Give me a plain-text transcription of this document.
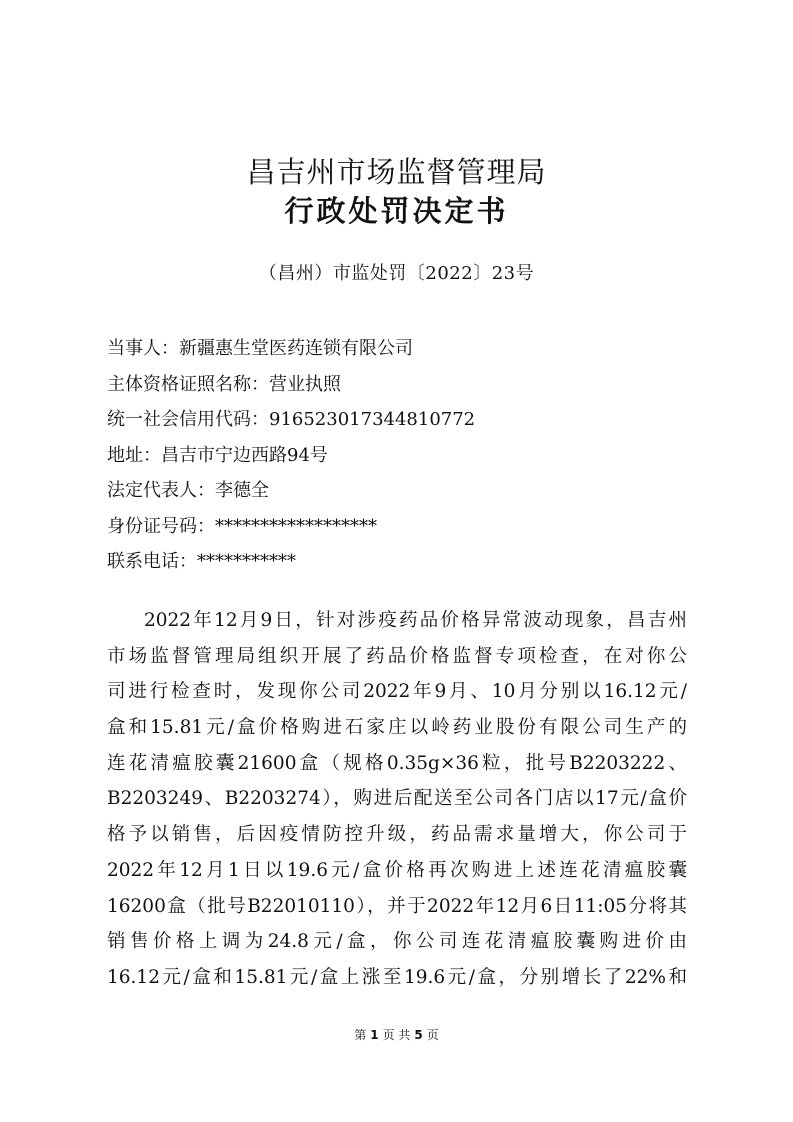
昌吉州市场监督管理局
行政处罚决定书
（昌州）市监处罚〔2022〕23号
当事人：新疆惠生堂医药连锁有限公司
主体资格证照名称：营业执照
统一社会信用代码：916523017344810772
地址：昌吉市宁边西路94号
法定代表人：李德全
身份证号码：******************
联系电话：***********
2022年12月9日，针对涉疫药品价格异常波动现象，昌吉州
市场监督管理局组织开展了药品价格监督专项检查，在对你公
司进行检查时，发现你公司2022年9月、10月分别以16.12元/
盒和15.81元/盒价格购进石家庄以岭药业股份有限公司生产的
连花清瘟胶囊21600盒（规格0.35g×36粒，批号B2203222、
B2203249、B2203274），购进后配送至公司各门店以17元/盒价
格予以销售，后因疫情防控升级，药品需求量增大，你公司于
2022年12月1日以19.6元/盒价格再次购进上述连花清瘟胶囊
16200盒（批号B22010110），并于2022年12月6日11:05分将其
销售价格上调为24.8元/盒，你公司连花清瘟胶囊购进价由
16.12元/盒和15.81元/盒上涨至19.6元/盒，分别增长了22%和
第 1 页 共 5 页
